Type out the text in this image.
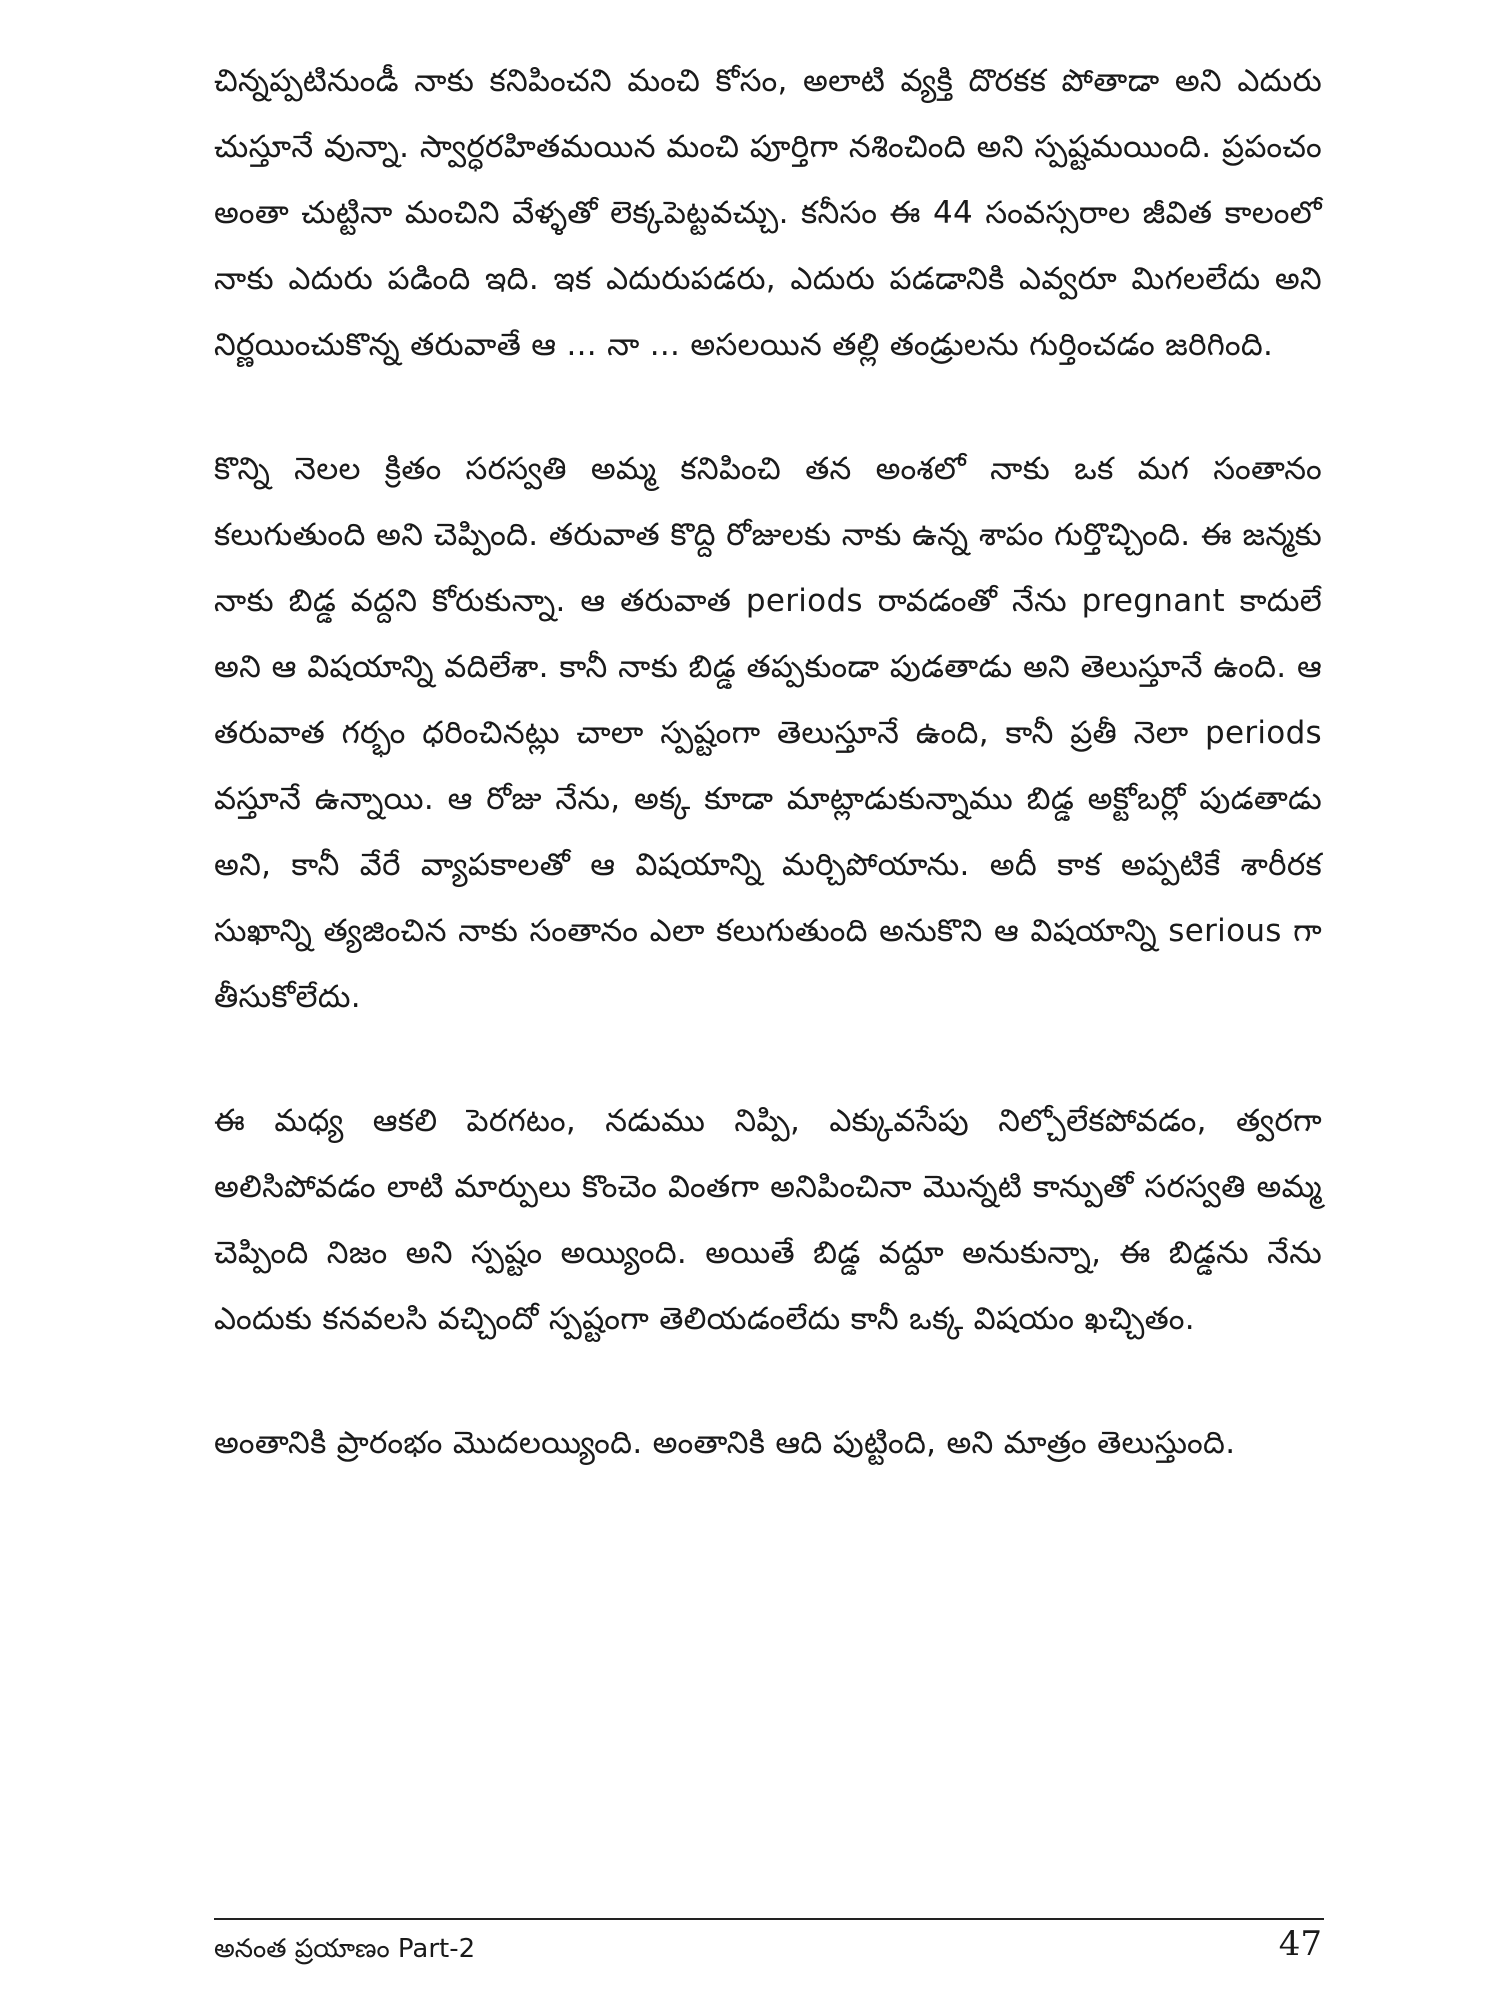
చిన్నప్పటినుండీ నాకు కనిపించని మంచి కోసం, అలాటి వ్యక్తి దొరకక పోతాడా అని ఎదురు చుస్తూనే వున్నా. స్వార్ధరహితమయిన మంచి పూర్తిగా నశించింది అని స్పష్టమయింది. ప్రపంచం అంతా చుట్టినా మంచిని వేళ్ళతో లెక్కపెట్టవచ్చు. కనీసం ఈ 44 సంవస్సరాల జీవిత కాలంలో నాకు ఎదురు పడింది ఇది. ఇక ఎదురుపడరు, ఎదురు పడడానికి ఎవ్వరూ మిగలలేదు అని నిర్ణయించుకొన్న తరువాతే ఆ ... నా ... అసలయిన తల్లి తండ్రులను గుర్తించడం జరిగింది.

కొన్ని నెలల క్రితం సరస్వతి అమ్మ కనిపించి తన అంశలో నాకు ఒక మగ సంతానం కలుగుతుంది అని చెప్పింది. తరువాత కొద్ది రోజులకు నాకు ఉన్న శాపం గుర్తొచ్చింది. ఈ జన్మకు నాకు బిడ్డ వద్దని కోరుకున్నా. ఆ తరువాత periods రావడంతో నేను pregnant కాదులే అని ఆ విషయాన్ని వదిలేశా. కానీ నాకు బిడ్డ తప్పకుండా పుడతాడు అని తెలుస్తూనే ఉంది. ఆ తరువాత గర్భం ధరించినట్లు చాలా స్పష్టంగా తెలుస్తూనే ఉంది, కానీ ప్రతీ నెలా periods వస్తూనే ఉన్నాయి. ఆ రోజు నేను, అక్క కూడా మాట్లాడుకున్నాము బిడ్డ అక్టోబర్లో పుడతాడు అని, కానీ వేరే వ్యాపకాలతో ఆ విషయాన్ని మర్చిపోయాను. అదీ కాక అప్పటికే శారీరక సుఖాన్ని త్యజించిన నాకు సంతానం ఎలా కలుగుతుంది అనుకొని ఆ విషయాన్ని serious గా తీసుకోలేదు.

ఈ మధ్య ఆకలి పెరగటం, నడుము నిప్పి, ఎక్కువసేపు నిల్చోలేకపోవడం, త్వరగా అలిసిపోవడం లాటి మార్పులు కొంచెం వింతగా అనిపించినా మొన్నటి కాన్పుతో సరస్వతి అమ్మ చెప్పింది నిజం అని స్పష్టం అయ్యింది. అయితే బిడ్డ వద్దూ అనుకున్నా, ఈ బిడ్డను నేను ఎందుకు కనవలసి వచ్చిందో స్పష్టంగా తెలియడంలేదు కానీ ఒక్క విషయం ఖచ్చితం.

అంతానికి ప్రారంభం మొదలయ్యింది. అంతానికి ఆది పుట్టింది, అని మాత్రం తెలుస్తుంది.

అనంత ప్రయాణం Part-2	47
